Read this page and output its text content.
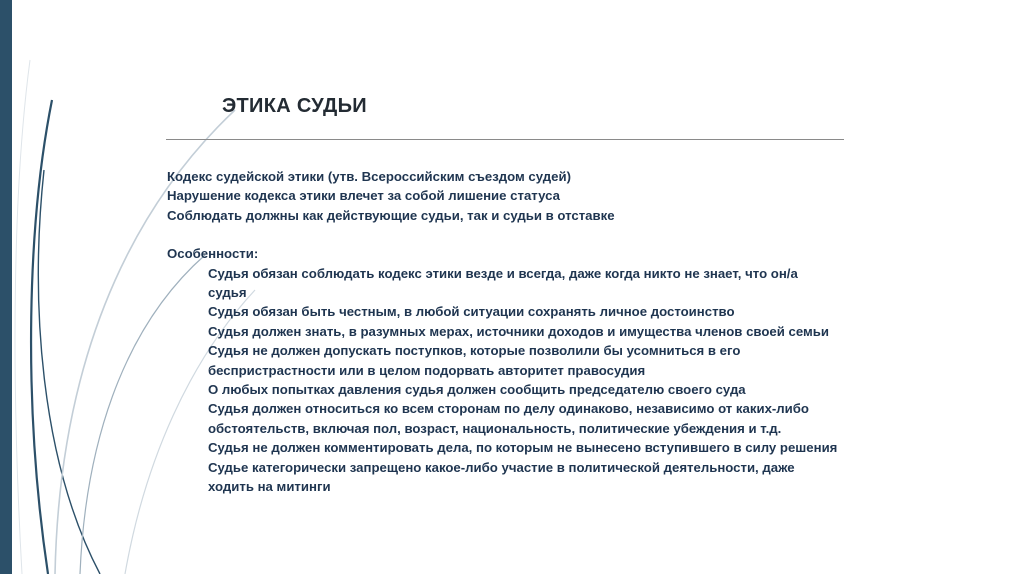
ЭТИКА СУДЬИ

Кодекс судейской этики (утв. Всероссийским съездом судей)

Нарушение кодекса этики влечет за собой лишение статуса

Соблюдать должны как действующие судьи, так и судьи в отставке

Особенности:

Судья обязан соблюдать кодекс этики везде и всегда, даже когда никто не знает, что он/а судья
Судья обязан быть честным, в любой ситуации сохранять личное достоинство
Судья должен знать, в разумных мерах, источники доходов и имущества членов своей семьи
Судья не должен допускать поступков, которые позволили бы усомниться в его беспристрастности или в целом подорвать авторитет правосудия
О любых попытках давления судья должен сообщить председателю своего суда
Судья должен относиться ко всем сторонам по делу одинаково, независимо от каких-либо обстоятельств, включая пол, возраст, национальность, политические убеждения и т.д.
Судья не должен комментировать дела, по которым не вынесено вступившего в силу решения
Судье категорически запрещено какое-либо участие в политической деятельности, даже ходить на митинги
